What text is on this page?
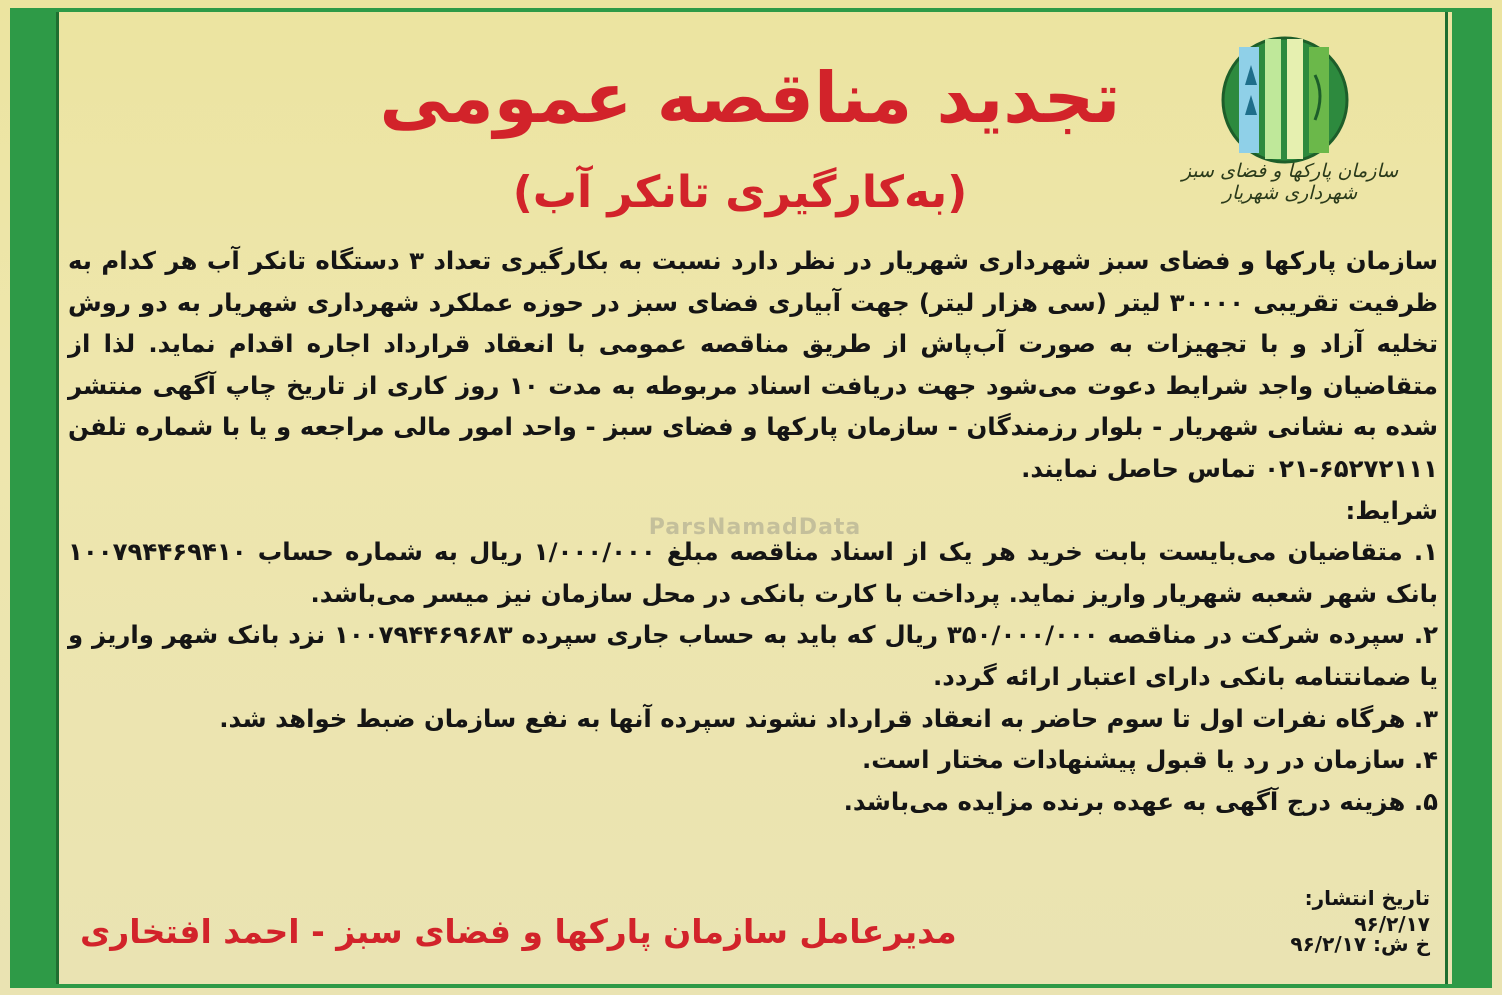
سازمان پارکها و فضای سبز شهرداری شهریار
تجدید مناقصه عمومی
(به‌کارگیری تانکر آب)
ParsNamadData

سازمان پارکها و فضای سبز شهرداری شهریار در نظر دارد نسبت به بکارگیری تعداد ۳ دستگاه تانکر آب هر کدام به ظرفیت تقریبی ۳۰۰۰۰ لیتر (سی هزار لیتر) جهت آبیاری فضای سبز در حوزه عملکرد شهرداری شهریار به دو روش تخلیه آزاد و با تجهیزات به صورت آب‌پاش از طریق مناقصه عمومی با انعقاد قرارداد اجاره اقدام نماید. لذا از متقاضیان واجد شرایط دعوت می‌شود جهت دریافت اسناد مربوطه به مدت ۱۰ روز کاری از تاریخ چاپ آگهی منتشر شده به نشانی شهریار - بلوار رزمندگان - سازمان پارکها و فضای سبز - واحد امور مالی مراجعه و یا با شماره تلفن ۶۵۲۷۲۱۱۱-۰۲۱ تماس حاصل نمایند.

شرایط:

۱. متقاضیان می‌بایست بابت خرید هر یک از اسناد مناقصه مبلغ ۱/۰۰۰/۰۰۰ ریال به شماره حساب ۱۰۰۷۹۴۴۶۹۴۱۰ بانک شهر شعبه شهریار واریز نماید. پرداخت با کارت بانکی در محل سازمان نیز میسر می‌باشد.

۲. سپرده شرکت در مناقصه ۳۵۰/۰۰۰/۰۰۰ ریال که باید به حساب جاری سپرده ۱۰۰۷۹۴۴۶۹۶۸۳ نزد بانک شهر واریز و یا ضمانتنامه بانکی دارای اعتبار ارائه گردد.

۳. هرگاه نفرات اول تا سوم حاضر به انعقاد قرارداد نشوند سپرده آنها به نفع سازمان ضبط خواهد شد.

۴. سازمان در رد یا قبول پیشنهادات مختار است.

۵. هزینه درج آگهی به عهده برنده مزایده می‌باشد.

تاریخ انتشار:
۹۶/۲/۱۷
خ ش: ۹۶/۲/۱۷
مدیرعامل سازمان پارکها و فضای سبز - احمد افتخاری
